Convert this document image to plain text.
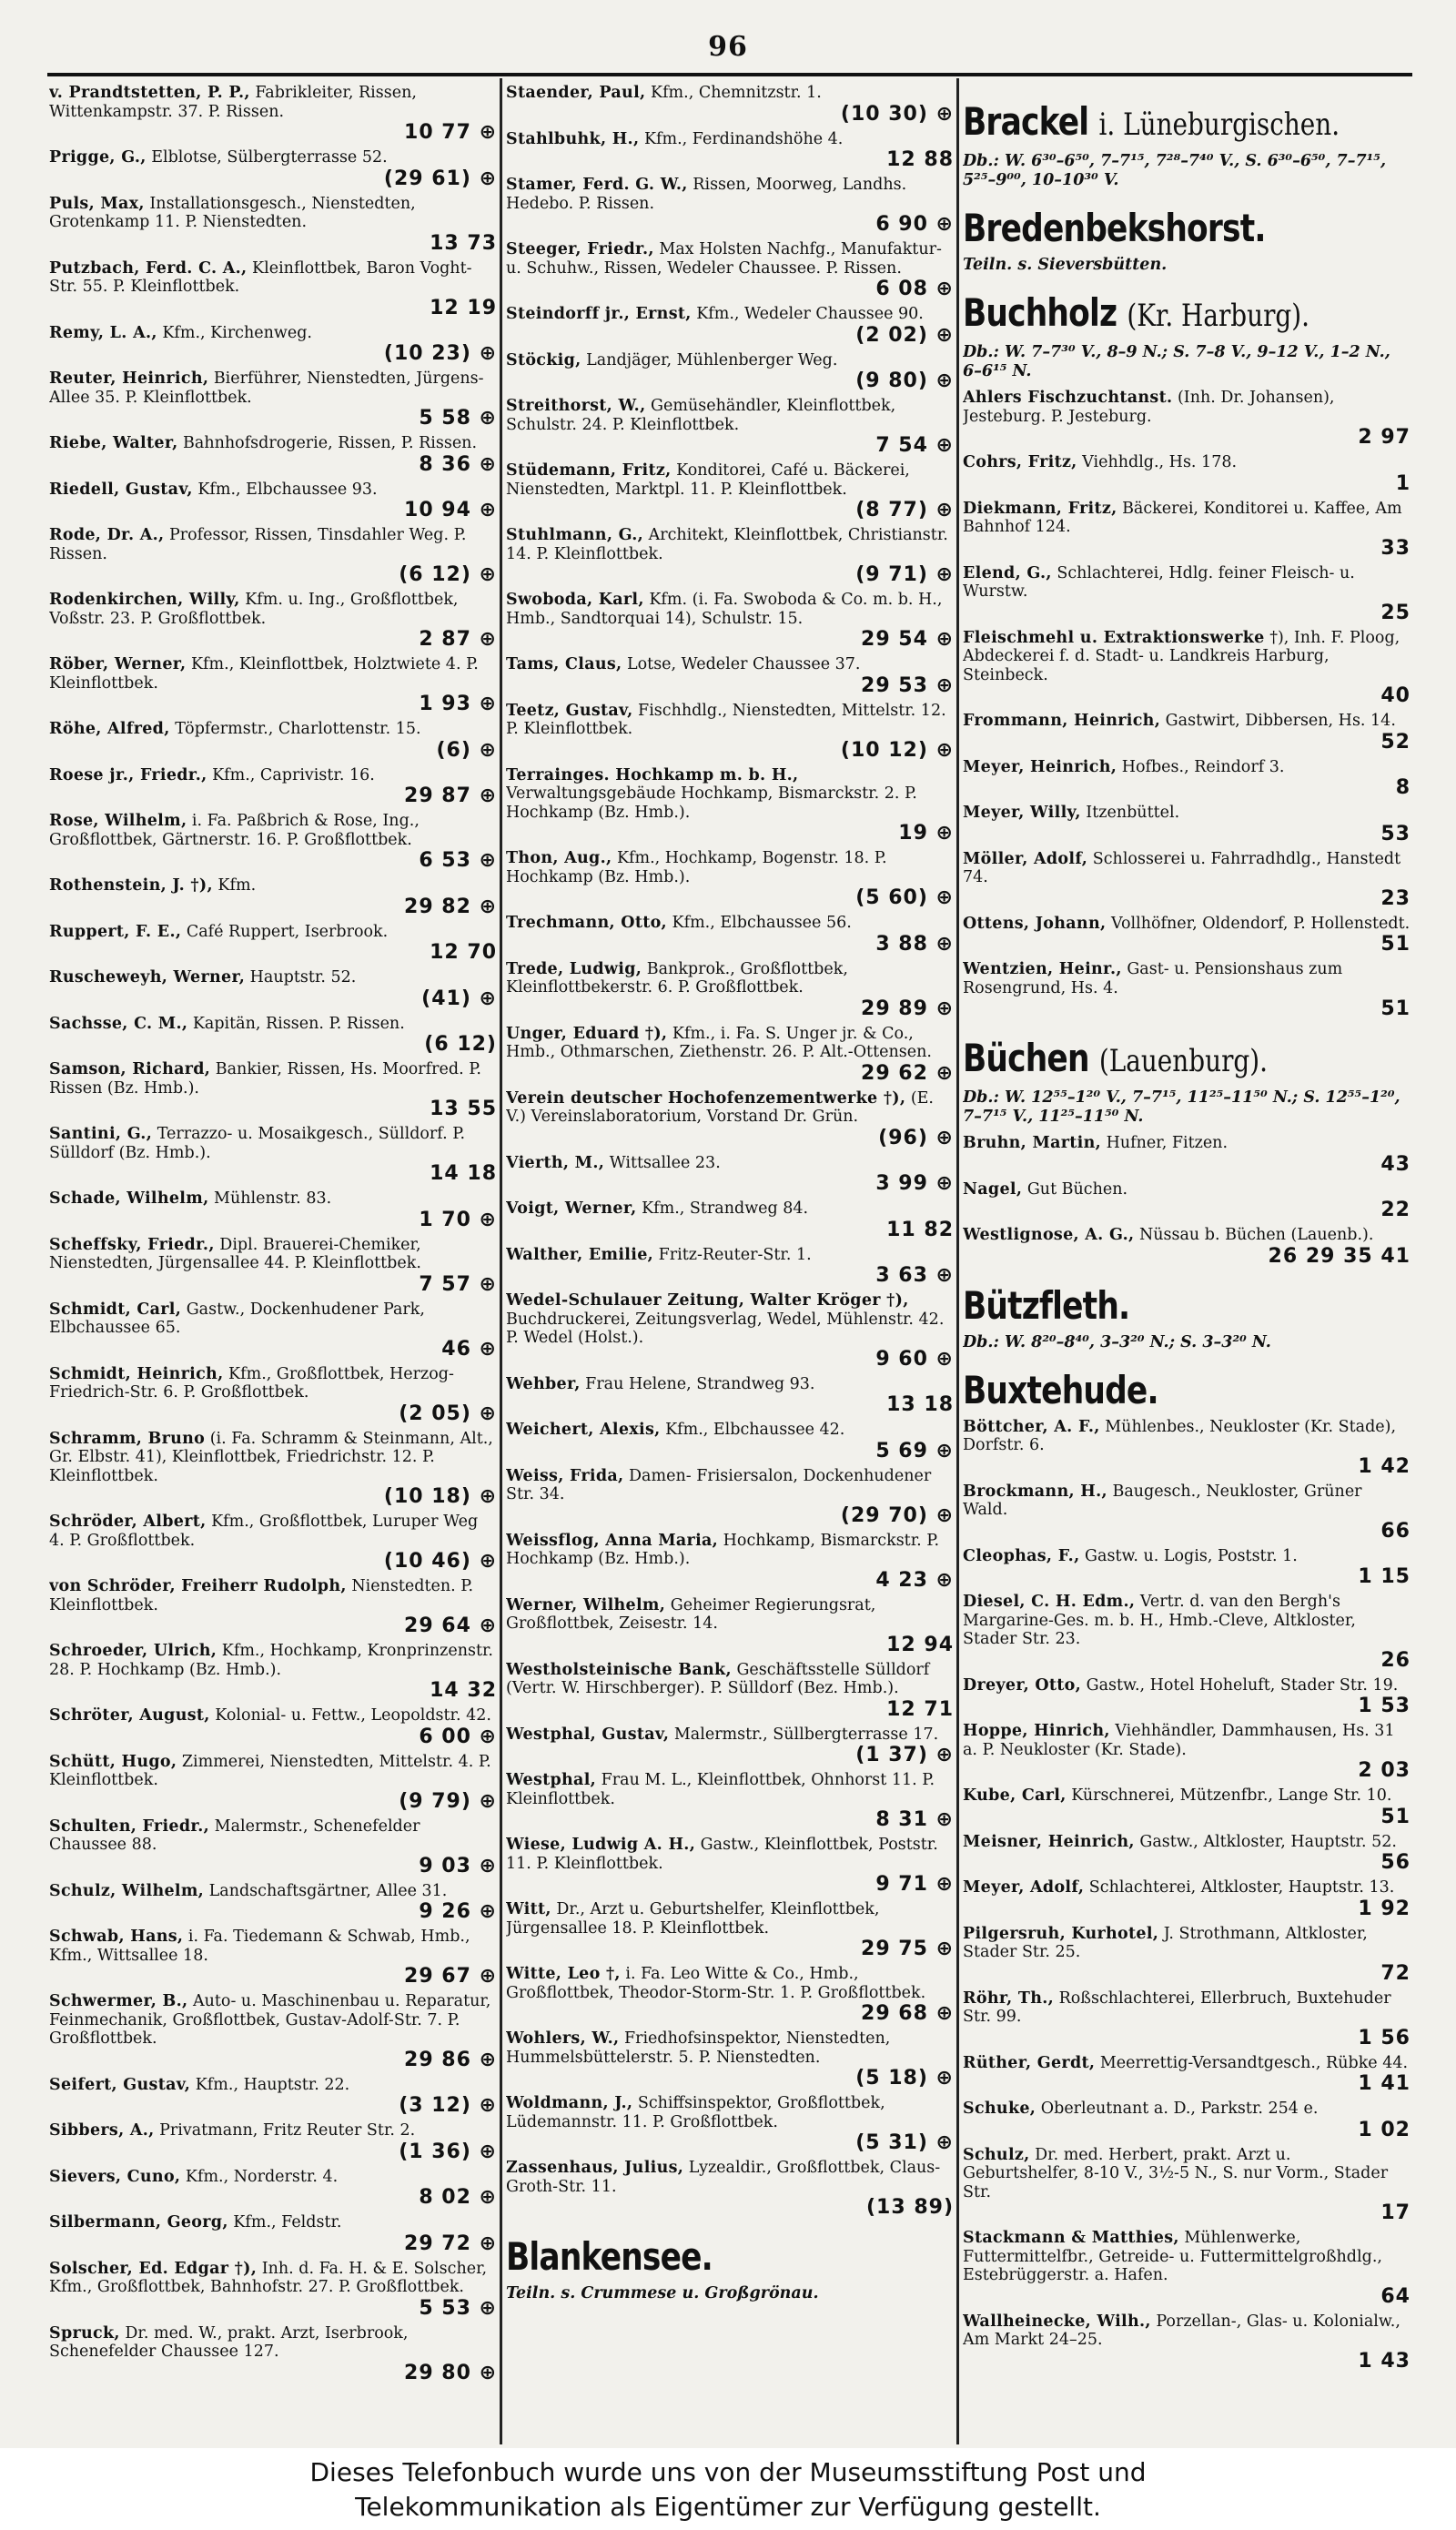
96
v. Prandtstetten, P. P., Fabrikleiter, Rissen, Wittenkampstr. 37. P. Rissen.
10 77 ⊕
Prigge, G., Elblotse, Sülbergterrasse 52.
(29 61) ⊕
Puls, Max, Installationsgesch., Nienstedten, Grotenkamp 11. P. Nienstedten.
13 73
Putzbach, Ferd. C. A., Kleinflottbek, Baron Voght-Str. 55. P. Kleinflottbek.
12 19
Remy, L. A., Kfm., Kirchenweg.
(10 23) ⊕
Reuter, Heinrich, Bierführer, Nienstedten, Jürgens-Allee 35. P. Kleinflottbek.
5 58 ⊕
Riebe, Walter, Bahnhofsdrogerie, Rissen, P. Rissen.
8 36 ⊕
Riedell, Gustav, Kfm., Elbchaussee 93.
10 94 ⊕
Rode, Dr. A., Professor, Rissen, Tinsdahler Weg. P. Rissen.
(6 12) ⊕
Rodenkirchen, Willy, Kfm. u. Ing., Großflottbek, Voßstr. 23. P. Großflottbek.
2 87 ⊕
Röber, Werner, Kfm., Kleinflottbek, Holztwiete 4. P. Kleinflottbek.
1 93 ⊕
Röhe, Alfred, Töpfermstr., Charlottenstr. 15.
(6) ⊕
Roese jr., Friedr., Kfm., Caprivistr. 16.
29 87 ⊕
Rose, Wilhelm, i. Fa. Paßbrich & Rose, Ing., Großflottbek, Gärtnerstr. 16. P. Großflottbek.
6 53 ⊕
Rothenstein, J. †), Kfm.
29 82 ⊕
Ruppert, F. E., Café Ruppert, Iserbrook.
12 70
Ruscheweyh, Werner, Hauptstr. 52.
(41) ⊕
Sachsse, C. M., Kapitän, Rissen. P. Rissen.
(6 12)
Samson, Richard, Bankier, Rissen, Hs. Moorfred. P. Rissen (Bz. Hmb.).
13 55
Santini, G., Terrazzo- u. Mosaikgesch., Sülldorf. P. Sülldorf (Bz. Hmb.).
14 18
Schade, Wilhelm, Mühlenstr. 83.
1 70 ⊕
Scheffsky, Friedr., Dipl. Brauerei-Chemiker, Nienstedten, Jürgensallee 44. P. Kleinflottbek.
7 57 ⊕
Schmidt, Carl, Gastw., Dockenhudener Park, Elbchaussee 65.
46 ⊕
Schmidt, Heinrich, Kfm., Großflottbek, Herzog-Friedrich-Str. 6. P. Großflottbek.
(2 05) ⊕
Schramm, Bruno (i. Fa. Schramm & Steinmann, Alt., Gr. Elbstr. 41), Kleinflottbek, Friedrichstr. 12. P. Kleinflottbek.
(10 18) ⊕
Schröder, Albert, Kfm., Großflottbek, Luruper Weg 4. P. Großflottbek.
(10 46) ⊕
von Schröder, Freiherr Rudolph, Nienstedten. P. Kleinflottbek.
29 64 ⊕
Schroeder, Ulrich, Kfm., Hochkamp, Kronprinzenstr. 28. P. Hochkamp (Bz. Hmb.).
14 32
Schröter, August, Kolonial- u. Fettw., Leopoldstr. 42.
6 00 ⊕
Schütt, Hugo, Zimmerei, Nienstedten, Mittelstr. 4. P. Kleinflottbek.
(9 79) ⊕
Schulten, Friedr., Malermstr., Schenefelder Chaussee 88.
9 03 ⊕
Schulz, Wilhelm, Landschaftsgärtner, Allee 31.
9 26 ⊕
Schwab, Hans, i. Fa. Tiedemann & Schwab, Hmb., Kfm., Wittsallee 18.
29 67 ⊕
Schwermer, B., Auto- u. Maschinenbau u. Reparatur, Feinmechanik, Großflottbek, Gustav-Adolf-Str. 7. P. Großflottbek.
29 86 ⊕
Seifert, Gustav, Kfm., Hauptstr. 22.
(3 12) ⊕
Sibbers, A., Privatmann, Fritz Reuter Str. 2.
(1 36) ⊕
Sievers, Cuno, Kfm., Norderstr. 4.
8 02 ⊕
Silbermann, Georg, Kfm., Feldstr.
29 72 ⊕
Solscher, Ed. Edgar †), Inh. d. Fa. H. & E. Solscher, Kfm., Großflottbek, Bahnhofstr. 27. P. Großflottbek.
5 53 ⊕
Spruck, Dr. med. W., prakt. Arzt, Iserbrook, Schenefelder Chaussee 127.
29 80 ⊕
Staender, Paul, Kfm., Chemnitzstr. 1.
(10 30) ⊕
Stahlbuhk, H., Kfm., Ferdinandshöhe 4.
12 88
Stamer, Ferd. G. W., Rissen, Moorweg, Landhs. Hedebo. P. Rissen.
6 90 ⊕
Steeger, Friedr., Max Holsten Nachfg., Manufaktur- u. Schuhw., Rissen, Wedeler Chaussee. P. Rissen.
6 08 ⊕
Steindorff jr., Ernst, Kfm., Wedeler Chaussee 90.
(2 02) ⊕
Stöckig, Landjäger, Mühlenberger Weg.
(9 80) ⊕
Streithorst, W., Gemüsehändler, Kleinflottbek, Schulstr. 24. P. Kleinflottbek.
7 54 ⊕
Stüdemann, Fritz, Konditorei, Café u. Bäckerei, Nienstedten, Marktpl. 11. P. Kleinflottbek.
(8 77) ⊕
Stuhlmann, G., Architekt, Kleinflottbek, Christianstr. 14. P. Kleinflottbek.
(9 71) ⊕
Swoboda, Karl, Kfm. (i. Fa. Swoboda & Co. m. b. H., Hmb., Sandtorquai 14), Schulstr. 15.
29 54 ⊕
Tams, Claus, Lotse, Wedeler Chaussee 37.
29 53 ⊕
Teetz, Gustav, Fischhdlg., Nienstedten, Mittelstr. 12. P. Kleinflottbek.
(10 12) ⊕
Terrainges. Hochkamp m. b. H., Verwaltungsgebäude Hochkamp, Bismarckstr. 2. P. Hochkamp (Bz. Hmb.).
19 ⊕
Thon, Aug., Kfm., Hochkamp, Bogenstr. 18. P. Hochkamp (Bz. Hmb.).
(5 60) ⊕
Trechmann, Otto, Kfm., Elbchaussee 56.
3 88 ⊕
Trede, Ludwig, Bankprok., Großflottbek, Kleinflottbekerstr. 6. P. Großflottbek.
29 89 ⊕
Unger, Eduard †), Kfm., i. Fa. S. Unger jr. & Co., Hmb., Othmarschen, Ziethenstr. 26. P. Alt.-Ottensen.
29 62 ⊕
Verein deutscher Hochofenzementwerke †), (E. V.) Vereinslaboratorium, Vorstand Dr. Grün.
(96) ⊕
Vierth, M., Wittsallee 23.
3 99 ⊕
Voigt, Werner, Kfm., Strandweg 84.
11 82
Walther, Emilie, Fritz-Reuter-Str. 1.
3 63 ⊕
Wedel-Schulauer Zeitung, Walter Kröger †), Buchdruckerei, Zeitungsverlag, Wedel, Mühlenstr. 42. P. Wedel (Holst.).
9 60 ⊕
Wehber, Frau Helene, Strandweg 93.
13 18
Weichert, Alexis, Kfm., Elbchaussee 42.
5 69 ⊕
Weiss, Frida, Damen- Frisiersalon, Dockenhudener Str. 34.
(29 70) ⊕
Weissflog, Anna Maria, Hochkamp, Bismarckstr. P. Hochkamp (Bz. Hmb.).
4 23 ⊕
Werner, Wilhelm, Geheimer Regierungsrat, Großflottbek, Zeisestr. 14.
12 94
Westholsteinische Bank, Geschäftsstelle Sülldorf (Vertr. W. Hirschberger). P. Sülldorf (Bez. Hmb.).
12 71
Westphal, Gustav, Malermstr., Süllbergterrasse 17.
(1 37) ⊕
Westphal, Frau M. L., Kleinflottbek, Ohnhorst 11. P. Kleinflottbek.
8 31 ⊕
Wiese, Ludwig A. H., Gastw., Kleinflottbek, Poststr. 11. P. Kleinflottbek.
9 71 ⊕
Witt, Dr., Arzt u. Geburtshelfer, Kleinflottbek, Jürgensallee 18. P. Kleinflottbek.
29 75 ⊕
Witte, Leo †, i. Fa. Leo Witte & Co., Hmb., Großflottbek, Theodor-Storm-Str. 1. P. Großflottbek.
29 68 ⊕
Wohlers, W., Friedhofsinspektor, Nienstedten, Hummelsbüttelerstr. 5. P. Nienstedten.
(5 18) ⊕
Woldmann, J., Schiffsinspektor, Großflottbek, Lüdemannstr. 11. P. Großflottbek.
(5 31) ⊕
Zassenhaus, Julius, Lyzealdir., Großflottbek, Claus-Groth-Str. 11.
(13 89)
Blankensee.
Teiln. s. Crummese u. Großgrönau.
Brackel i. Lüneburgischen.
Db.: W. 6³⁰–6⁵⁰, 7–7¹⁵, 7²⁸–7⁴⁰ V., S. 6³⁰–6⁵⁰, 7–7¹⁵, 5²⁵–9⁰⁰, 10–10³⁰ V.
Bredenbekshorst.
Teiln. s. Sieversbütten.
Buchholz (Kr. Harburg).
Db.: W. 7–7³⁰ V., 8–9 N.; S. 7–8 V., 9–12 V., 1–2 N., 6–6¹⁵ N.
Ahlers Fischzuchtanst. (Inh. Dr. Johansen), Jesteburg. P. Jesteburg.
2 97
Cohrs, Fritz, Viehhdlg., Hs. 178.
1
Diekmann, Fritz, Bäckerei, Konditorei u. Kaffee, Am Bahnhof 124.
33
Elend, G., Schlachterei, Hdlg. feiner Fleisch- u. Wurstw.
25
Fleischmehl u. Extraktionswerke †), Inh. F. Ploog, Abdeckerei f. d. Stadt- u. Landkreis Harburg, Steinbeck.
40
Frommann, Heinrich, Gastwirt, Dibbersen, Hs. 14.
52
Meyer, Heinrich, Hofbes., Reindorf 3.
8
Meyer, Willy, Itzenbüttel.
53
Möller, Adolf, Schlosserei u. Fahrradhdlg., Hanstedt 74.
23
Ottens, Johann, Vollhöfner, Oldendorf, P. Hollenstedt.
51
Wentzien, Heinr., Gast- u. Pensionshaus zum Rosengrund, Hs. 4.
51
Büchen (Lauenburg).
Db.: W. 12⁵⁵–1²⁰ V., 7–7¹⁵, 11²⁵–11⁵⁰ N.; S. 12⁵⁵–1²⁰, 7–7¹⁵ V., 11²⁵–11⁵⁰ N.
Bruhn, Martin, Hufner, Fitzen.
43
Nagel, Gut Büchen.
22
Westlignose, A. G., Nüssau b. Büchen (Lauenb.).
26 29 35 41
Bützfleth.
Db.: W. 8²⁰–8⁴⁰, 3–3²⁰ N.; S. 3–3²⁰ N.
Buxtehude.
Böttcher, A. F., Mühlenbes., Neukloster (Kr. Stade), Dorfstr. 6.
1 42
Brockmann, H., Baugesch., Neukloster, Grüner Wald.
66
Cleophas, F., Gastw. u. Logis, Poststr. 1.
1 15
Diesel, C. H. Edm., Vertr. d. van den Bergh's Margarine-Ges. m. b. H., Hmb.-Cleve, Altkloster, Stader Str. 23.
26
Dreyer, Otto, Gastw., Hotel Hoheluft, Stader Str. 19.
1 53
Hoppe, Hinrich, Viehhändler, Dammhausen, Hs. 31 a. P. Neukloster (Kr. Stade).
2 03
Kube, Carl, Kürschnerei, Mützenfbr., Lange Str. 10.
51
Meisner, Heinrich, Gastw., Altkloster, Hauptstr. 52.
56
Meyer, Adolf, Schlachterei, Altkloster, Hauptstr. 13.
1 92
Pilgersruh, Kurhotel, J. Strothmann, Altkloster, Stader Str. 25.
72
Röhr, Th., Roßschlachterei, Ellerbruch, Buxtehuder Str. 99.
1 56
Rüther, Gerdt, Meerrettig-Versandtgesch., Rübke 44.
1 41
Schuke, Oberleutnant a. D., Parkstr. 254 e.
1 02
Schulz, Dr. med. Herbert, prakt. Arzt u. Geburtshelfer, 8-10 V., 3½-5 N., S. nur Vorm., Stader Str.
17
Stackmann & Matthies, Mühlenwerke, Futtermittelfbr., Getreide- u. Futtermittelgroßhdlg., Estebrüggerstr. a. Hafen.
64
Wallheinecke, Wilh., Porzellan-, Glas- u. Kolonialw., Am Markt 24–25.
1 43
Dieses Telefonbuch wurde uns von der Museumsstiftung Post und
Telekommunikation als Eigentümer zur Verfügung gestellt.
